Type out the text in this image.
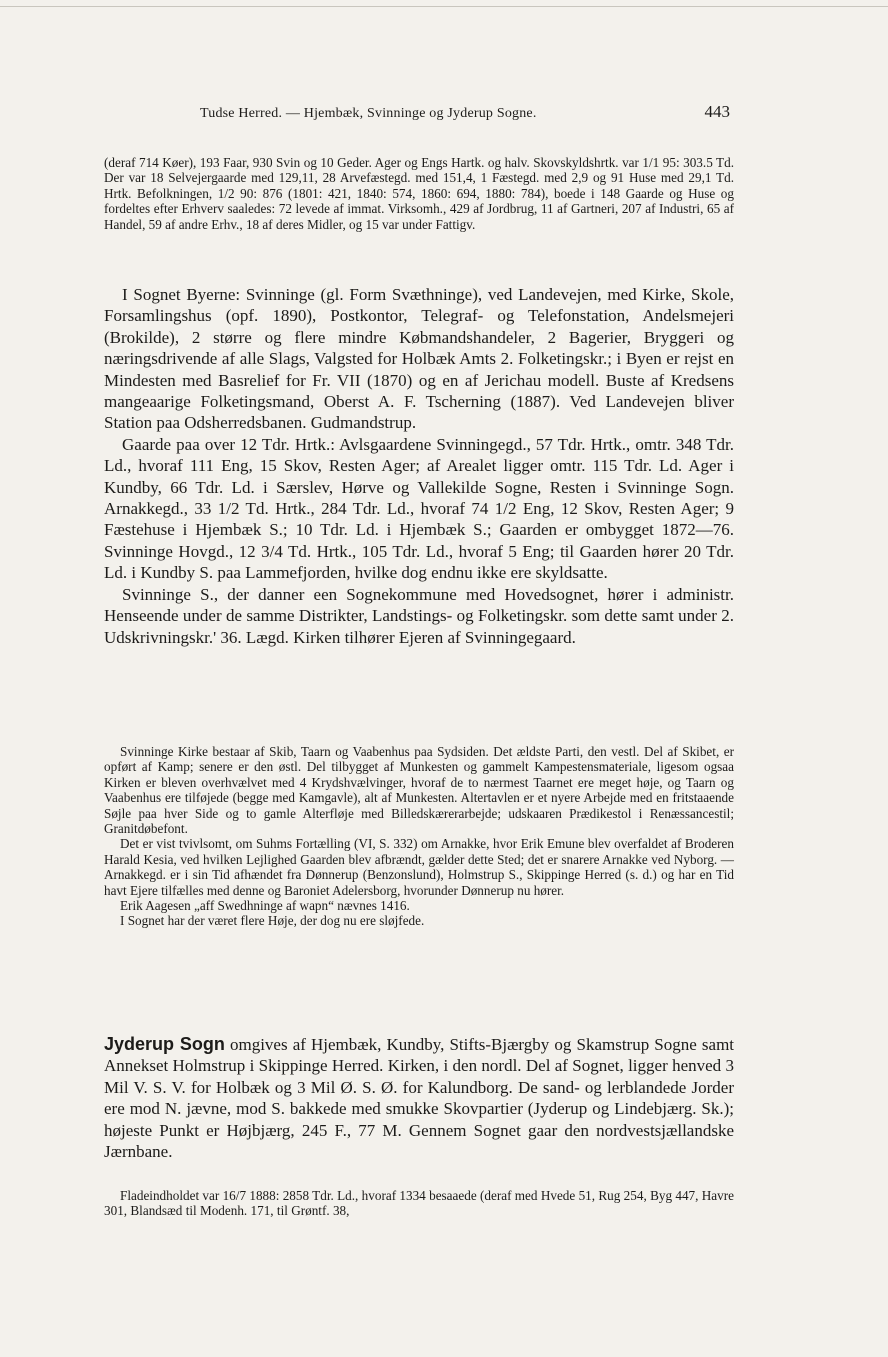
Tudse Herred. — Hjembæk, Svinninge og Jyderup Sogne.	443

(deraf 714 Køer), 193 Faar, 930 Svin og 10 Geder. Ager og Engs Hartk. og halv. Skovskyldshrtk. var 1/1 95: 303.5 Td. Der var 18 Selvejergaarde med 129,11, 28 Arvefæstegd. med 151,4, 1 Fæstegd. med 2,9 og 91 Huse med 29,1 Td. Hrtk. Befolkningen, 1/2 90: 876 (1801: 421, 1840: 574, 1860: 694, 1880: 784), boede i 148 Gaarde og Huse og fordeltes efter Erhverv saaledes: 72 levede af immat. Virksomh., 429 af Jordbrug, 11 af Gartneri, 207 af Industri, 65 af Handel, 59 af andre Erhv., 18 af deres Midler, og 15 var under Fattigv.

I Sognet Byerne: Svinninge (gl. Form Svæthninge), ved Landevejen, med Kirke, Skole, Forsamlingshus (opf. 1890), Postkontor, Telegraf- og Telefonstation, Andelsmejeri (Brokilde), 2 større og flere mindre Købmandshandeler, 2 Bagerier, Bryggeri og næringsdrivende af alle Slags, Valgsted for Holbæk Amts 2. Folketingskr.; i Byen er rejst en Mindesten med Basrelief for Fr. VII (1870) og en af Jerichau modell. Buste af Kredsens mangeaarige Folketingsmand, Oberst A. F. Tscherning (1887). Ved Landevejen bliver Station paa Odsherredsbanen. Gudmandstrup.

Gaarde paa over 12 Tdr. Hrtk.: Avlsgaardene Svinningegd., 57 Tdr. Hrtk., omtr. 348 Tdr. Ld., hvoraf 111 Eng, 15 Skov, Resten Ager; af Arealet ligger omtr. 115 Tdr. Ld. Ager i Kundby, 66 Tdr. Ld. i Særslev, Hørve og Vallekilde Sogne, Resten i Svinninge Sogn. Arnakkegd., 33 1/2 Td. Hrtk., 284 Tdr. Ld., hvoraf 74 1/2 Eng, 12 Skov, Resten Ager; 9 Fæstehuse i Hjembæk S.; 10 Tdr. Ld. i Hjembæk S.; Gaarden er ombygget 1872—76. Svinninge Hovgd., 12 3/4 Td. Hrtk., 105 Tdr. Ld., hvoraf 5 Eng; til Gaarden hører 20 Tdr. Ld. i Kundby S. paa Lammefjorden, hvilke dog endnu ikke ere skyldsatte.

Svinninge S., der danner een Sognekommune med Hovedsognet, hører i administr. Henseende under de samme Distrikter, Landstings- og Folketingskr. som dette samt under 2. Udskrivningskr.' 36. Lægd. Kirken tilhører Ejeren af Svinningegaard.

Svinninge Kirke bestaar af Skib, Taarn og Vaabenhus paa Sydsiden. Det ældste Parti, den vestl. Del af Skibet, er opført af Kamp; senere er den østl. Del tilbygget af Munkesten og gammelt Kampestensmateriale, ligesom ogsaa Kirken er bleven overhvælvet med 4 Krydshvælvinger, hvoraf de to nærmest Taarnet ere meget høje, og Taarn og Vaabenhus ere tilføjede (begge med Kamgavle), alt af Munkesten. Altertavlen er et nyere Arbejde med en fritstaaende Søjle paa hver Side og to gamle Alterfløje med Billedskærerarbejde; udskaaren Prædikestol i Renæssancestil; Granitdøbefont.

Det er vist tvivlsomt, om Suhms Fortælling (VI, S. 332) om Arnakke, hvor Erik Emune blev overfaldet af Broderen Harald Kesia, ved hvilken Lejlighed Gaarden blev afbrændt, gælder dette Sted; det er snarere Arnakke ved Nyborg. — Arnakkegd. er i sin Tid afhændet fra Dønnerup (Benzonslund), Holmstrup S., Skippinge Herred (s. d.) og har en Tid havt Ejere tilfælles med denne og Baroniet Adelersborg, hvorunder Dønnerup nu hører.

Erik Aagesen „aff Swedhninge af wapn“ nævnes 1416.

I Sognet har der været flere Høje, der dog nu ere sløjfede.

Jyderup Sogn omgives af Hjembæk, Kundby, Stifts-Bjærgby og Skamstrup Sogne samt Annekset Holmstrup i Skippinge Herred. Kirken, i den nordl. Del af Sognet, ligger henved 3 Mil V. S. V. for Holbæk og 3 Mil Ø. S. Ø. for Kalundborg. De sand- og lerblandede Jorder ere mod N. jævne, mod S. bakkede med smukke Skovpartier (Jyderup og Lindebjærg. Sk.); højeste Punkt er Højbjærg, 245 F., 77 M. Gennem Sognet gaar den nordvestsjællandske Jærnbane.

Fladeindholdet var 16/7 1888: 2858 Tdr. Ld., hvoraf 1334 besaaede (deraf med Hvede 51, Rug 254, Byg 447, Havre 301, Blandsæd til Modenh. 171, til Grøntf. 38,
